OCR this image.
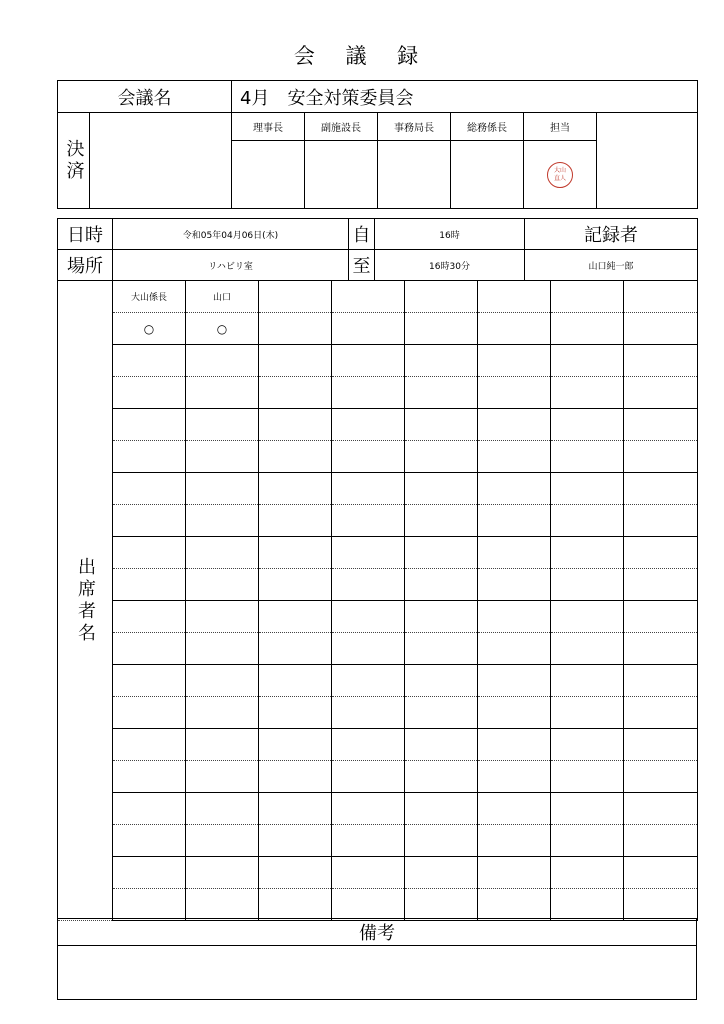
会 議 録
会議名		4月　安全対策委員会					

決済		理事長	副施設長	事務局長	総務係長	担当	

大山
直人	
日時	令和05年04月06日(木)	自	16時	記録者
場所	リハビリ室	至	16時30分	山口純一郎
出席者名	大山係長	山口						
	○	○						

備考
